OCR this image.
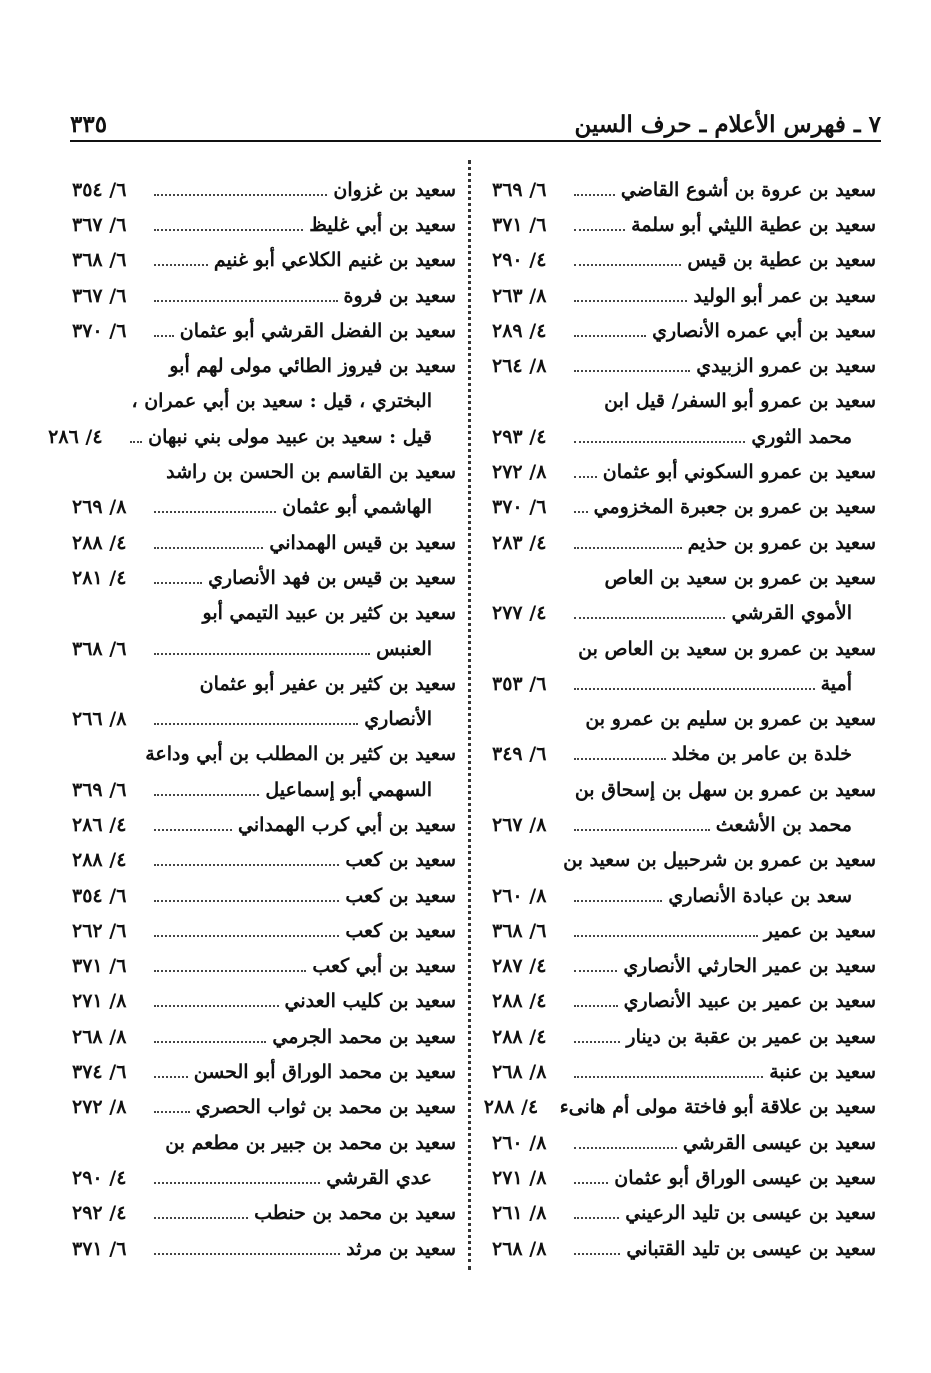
٣٣٥	٧ ـ فهرس الأعلام ـ حرف السين
سعيد بن عروة بن أشوع القاضي
٦/ ٣٦٩
سعيد بن عطية الليثي أبو سلمة
٦/ ٣٧١
سعيد بن عطية بن قيس
٤/ ٢٩٠
سعيد بن عمر أبو الوليد
٨/ ٢٦٣
سعيد بن أبي عمره الأنصاري
٤/ ٢٨٩
سعيد بن عمرو الزبيدي
٨/ ٢٦٤
سعيد بن عمرو أبو السفر/ قيل ابن
محمد الثوري
٤/ ٢٩٣
سعيد بن عمرو السكوني أبو عثمان
٨/ ٢٧٢
سعيد بن عمرو بن جعبرة المخزومي
٦/ ٣٧٠
سعيد بن عمرو بن حذيم
٤/ ٢٨٣
سعيد بن عمرو بن سعيد بن العاص
الأموي القرشي
٤/ ٢٧٧
سعيد بن عمرو بن سعيد بن العاص بن
أمية
٦/ ٣٥٣
سعيد بن عمرو بن سليم بن عمرو بن
خلدة بن عامر بن مخلد
٦/ ٣٤٩
سعيد بن عمرو بن سهل بن إسحاق بن
محمد بن الأشعث
٨/ ٢٦٧
سعيد بن عمرو بن شرحبيل بن سعيد بن
سعد بن عبادة الأنصاري
٨/ ٢٦٠
سعيد بن عمير
٦/ ٣٦٨
سعيد بن عمير الحارثي الأنصاري
٤/ ٢٨٧
سعيد بن عمير بن عبيد الأنصاري
٤/ ٢٨٨
سعيد بن عمير بن عقبة بن دينار
٤/ ٢٨٨
سعيد بن عنبة
٨/ ٢٦٨
سعيد بن علاقة أبو فاختة مولى أم هانىء
٤/ ٢٨٨
سعيد بن عيسى القرشي
٨/ ٢٦٠
سعيد بن عيسى الوراق أبو عثمان
٨/ ٢٧١
سعيد بن عيسى بن تليد الرعيني
٨/ ٢٦١
سعيد بن عيسى بن تليد القتباني
٨/ ٢٦٨
سعيد بن غزوان
٦/ ٣٥٤
سعيد بن أبي غليظ
٦/ ٣٦٧
سعيد بن غنيم الكلاعي أبو غنيم
٦/ ٣٦٨
سعيد بن فروة
٦/ ٣٦٧
سعيد بن الفضل القرشي أبو عثمان
٦/ ٣٧٠
سعيد بن فيروز الطائي مولى لهم أبو
البختري ، قيل : سعيد بن أبي عمران ،
قيل : سعيد بن عبيد مولى بني نبهان
٤/ ٢٨٦
سعيد بن القاسم بن الحسن بن راشد
الهاشمي أبو عثمان
٨/ ٢٦٩
سعيد بن قيس الهمداني
٤/ ٢٨٨
سعيد بن قيس بن فهد الأنصاري
٤/ ٢٨١
سعيد بن كثير بن عبيد التيمي أبو
العنبس
٦/ ٣٦٨
سعيد بن كثير بن عفير أبو عثمان
الأنصاري
٨/ ٢٦٦
سعيد بن كثير بن المطلب بن أبي وداعة
السهمي أبو إسماعيل
٦/ ٣٦٩
سعيد بن أبي كرب الهمداني
٤/ ٢٨٦
سعيد بن كعب
٤/ ٢٨٨
سعيد بن كعب
٦/ ٣٥٤
سعيد بن كعب
٦/ ٢٦٢
سعيد بن أبي كعب
٦/ ٣٧١
سعيد بن كليب العدني
٨/ ٢٧١
سعيد بن محمد الجرمي
٨/ ٢٦٨
سعيد بن محمد الوراق أبو الحسن
٦/ ٣٧٤
سعيد بن محمد بن ثواب الحصري
٨/ ٢٧٢
سعيد بن محمد بن جبير بن مطعم بن
عدي القرشي
٤/ ٢٩٠
سعيد بن محمد بن حنطب
٤/ ٢٩٢
سعيد بن مرثد
٦/ ٣٧١
